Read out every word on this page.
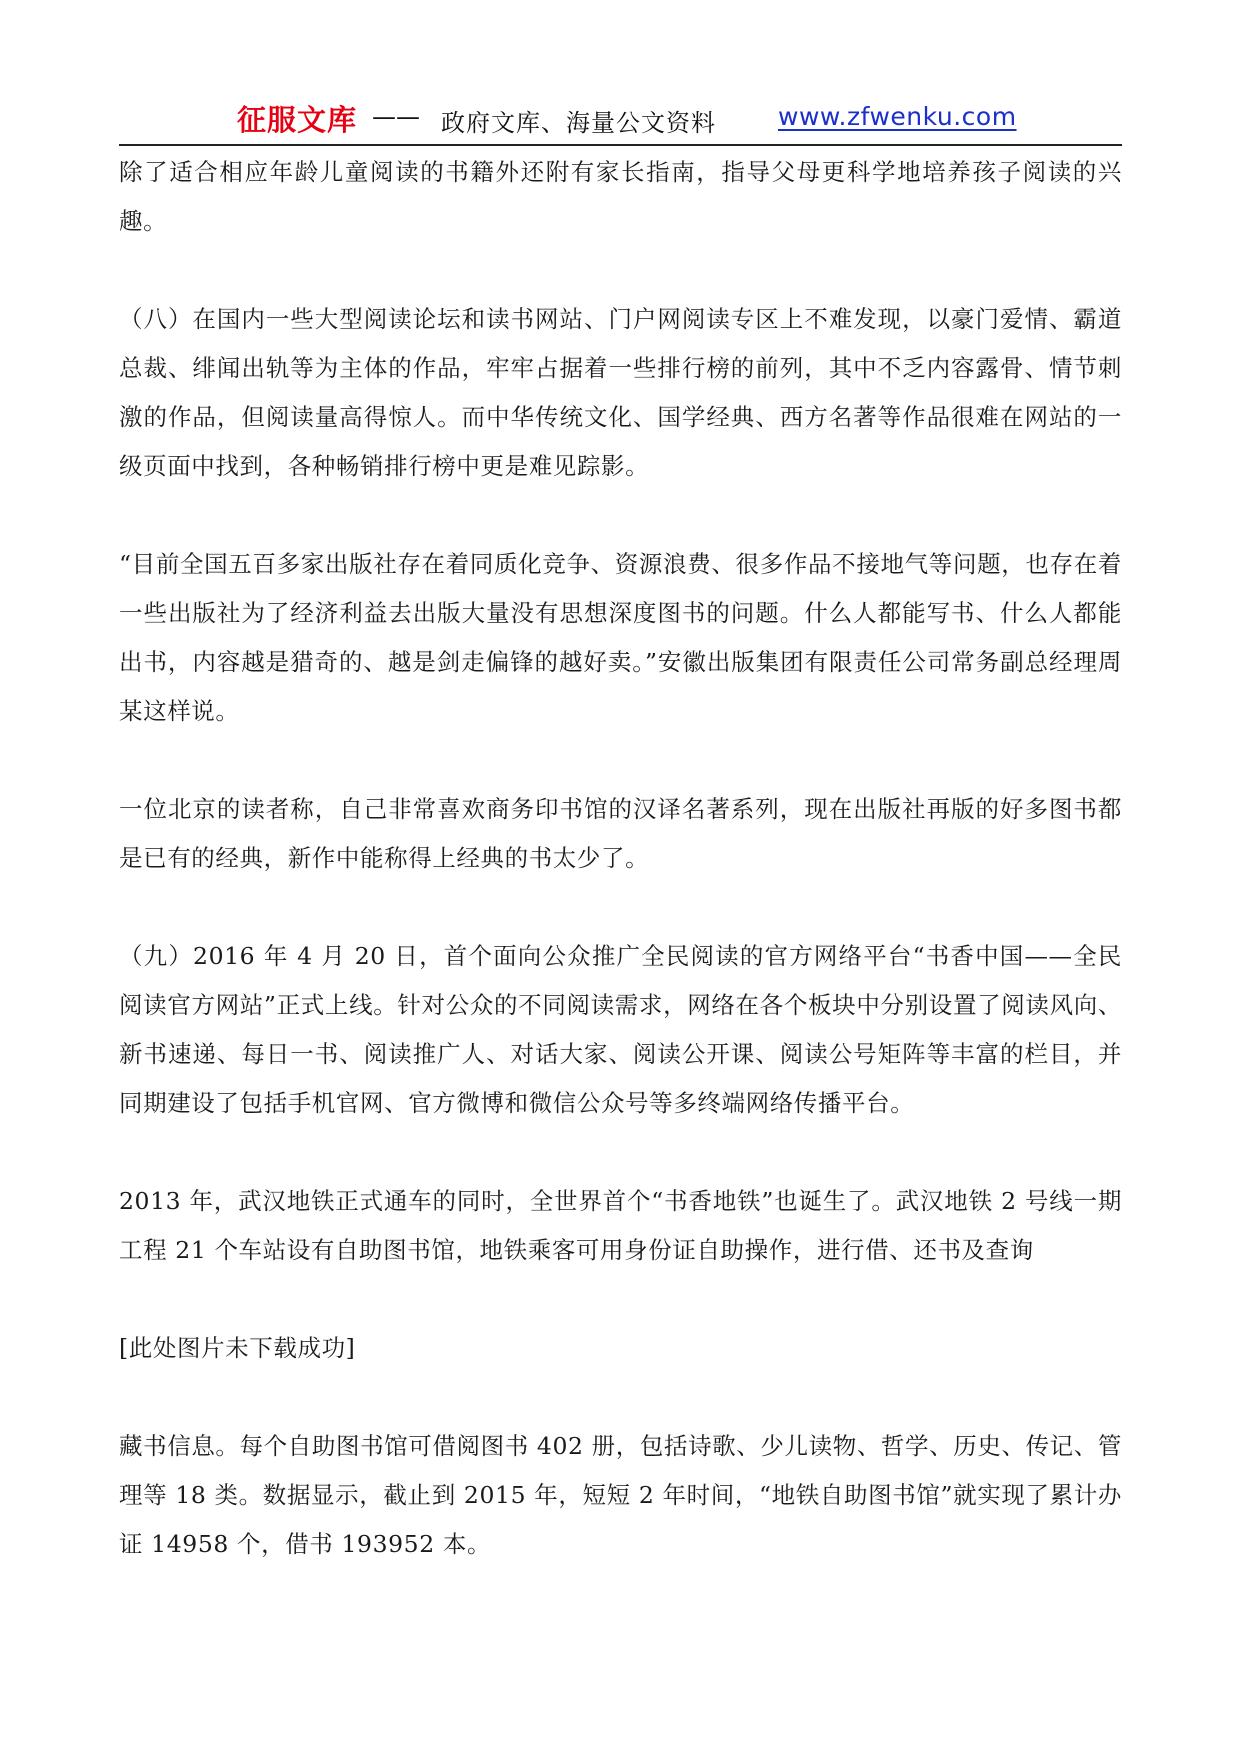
征服文库 —— 政府文库、海量公文资料 www.zfwenku.com

除了适合相应年龄儿童阅读的书籍外还附有家长指南，指导父母更科学地培养孩子阅读的兴趣。

（八）在国内一些大型阅读论坛和读书网站、门户网阅读专区上不难发现，以豪门爱情、霸道总裁、绯闻出轨等为主体的作品，牢牢占据着一些排行榜的前列，其中不乏内容露骨、情节刺激的作品，但阅读量高得惊人。而中华传统文化、国学经典、西方名著等作品很难在网站的一级页面中找到，各种畅销排行榜中更是难见踪影。

“目前全国五百多家出版社存在着同质化竞争、资源浪费、很多作品不接地气等问题，也存在着一些出版社为了经济利益去出版大量没有思想深度图书的问题。什么人都能写书、什么人都能出书，内容越是猎奇的、越是剑走偏锋的越好卖。”安徽出版集团有限责任公司常务副总经理周某这样说。

一位北京的读者称，自己非常喜欢商务印书馆的汉译名著系列，现在出版社再版的好多图书都是已有的经典，新作中能称得上经典的书太少了。

（九）2016 年 4 月 20 日，首个面向公众推广全民阅读的官方网络平台“书香中国——全民阅读官方网站”正式上线。针对公众的不同阅读需求，网络在各个板块中分别设置了阅读风向、新书速递、每日一书、阅读推广人、对话大家、阅读公开课、阅读公号矩阵等丰富的栏目，并同期建设了包括手机官网、官方微博和微信公众号等多终端网络传播平台。

2013 年，武汉地铁正式通车的同时，全世界首个“书香地铁”也诞生了。武汉地铁 2 号线一期工程 21 个车站设有自助图书馆，地铁乘客可用身份证自助操作，进行借、还书及查询

[此处图片未下载成功]

藏书信息。每个自助图书馆可借阅图书 402 册，包括诗歌、少儿读物、哲学、历史、传记、管理等 18 类。数据显示，截止到 2015 年，短短 2 年时间，“地铁自助图书馆”就实现了累计办证 14958 个，借书 193952 本。
